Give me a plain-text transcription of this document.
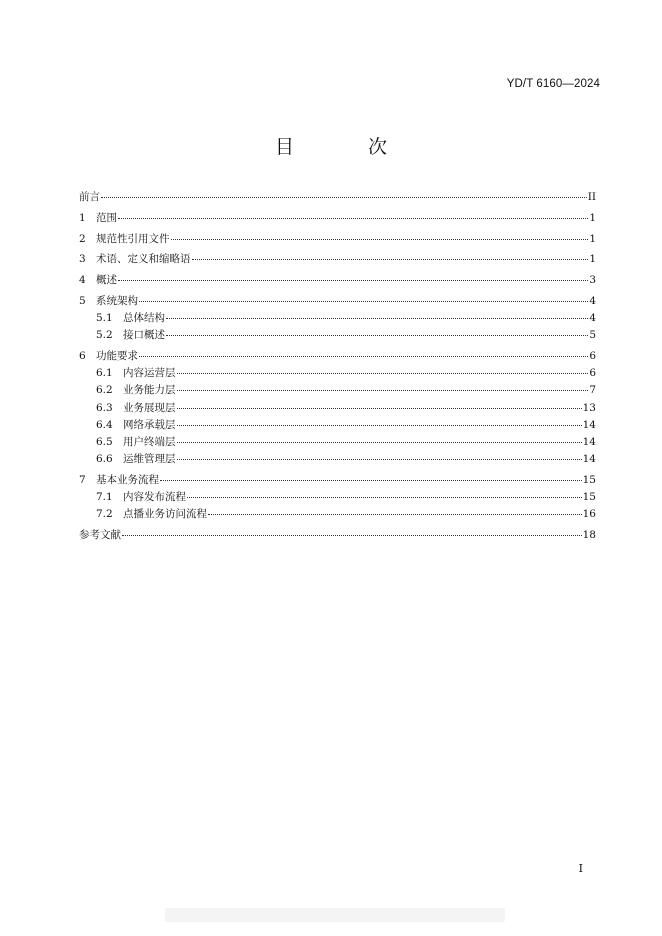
YD/T 6160—2024
目 次
前言	II
1 范围	1
2 规范性引用文件	1
3 术语、定义和缩略语	1
4 概述	3
5 系统架构	4
5.1 总体结构	4
5.2 接口概述	5
6 功能要求	6
6.1 内容运营层	6
6.2 业务能力层	7
6.3 业务展现层	13
6.4 网络承载层	14
6.5 用户终端层	14
6.6 运维管理层	14
7 基本业务流程	15
7.1 内容发布流程	15
7.2 点播业务访问流程	16
参考文献	18
I
